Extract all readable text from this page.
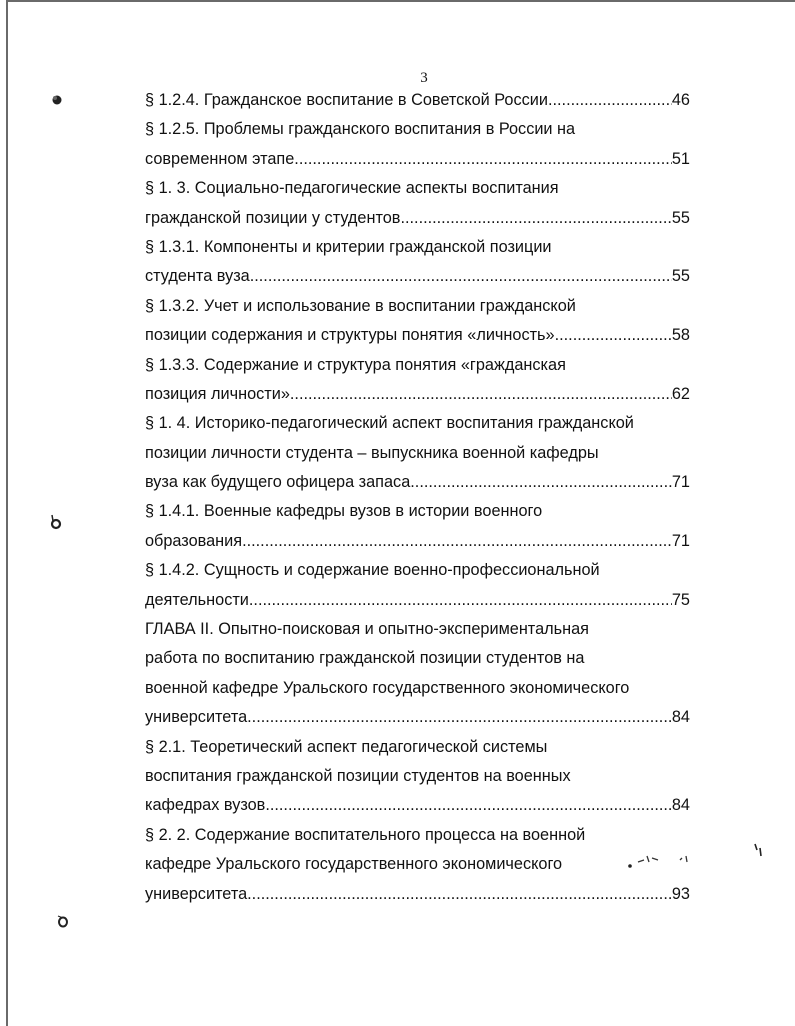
3
§ 1.2.4. Гражданское воспитание в Советской России .....	46
§ 1.2.5. Проблемы гражданского воспитания в России на
современном этапе .....	51
§ 1. 3. Социально-педагогические аспекты воспитания
гражданской позиции у студентов .....	55
§ 1.3.1. Компоненты и критерии гражданской позиции
студента вуза .....	55
§ 1.3.2. Учет и использование в воспитании гражданской
позиции содержания и структуры понятия «личность» .....	58
§ 1.3.3. Содержание и структура понятия «гражданская
позиция личности» .....	62
§ 1. 4. Историко-педагогический аспект воспитания гражданской
позиции личности студента – выпускника военной кафедры
вуза как будущего офицера запаса .....	71
§ 1.4.1. Военные кафедры вузов в истории военного
образования .....	71
§ 1.4.2. Сущность и содержание военно-профессиональной
деятельности .....	75
ГЛАВА II. Опытно-поисковая и опытно-экспериментальная
работа по воспитанию гражданской позиции студентов на
военной кафедре Уральского государственного экономического
университета .....	84
§ 2.1. Теоретический аспект педагогической системы
воспитания гражданской позиции студентов на военных
кафедрах вузов .....	84
§ 2. 2. Содержание воспитательного процесса на военной
кафедре Уральского государственного экономического
университета .....	93
